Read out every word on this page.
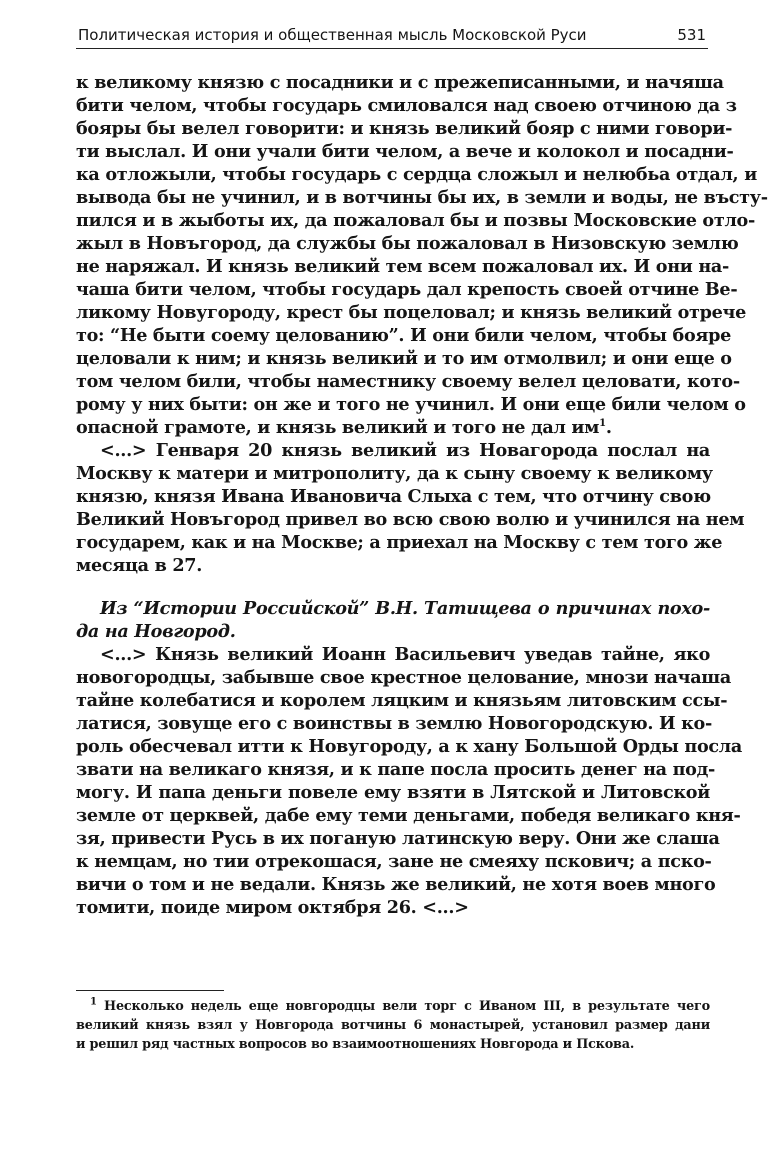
Политическая история и общественная мысль Московской Руси	531
к великому князю с посадники и с прежеписанными, и начяша
бити челом, чтобы государь смиловался над своею отчиною да з
бояры бы велел говорити: и князь великий бояр с ними говори-
ти выслал. И они учали бити челом, а вече и колокол и посадни-
ка отложыли, чтобы государь с сердца сложыл и нелюбьа отдал, и
вывода бы не учинил, и в вотчины бы их, в земли и воды, не въсту-
пился и в жыботы их, да пожаловал бы и позвы Московские отло-
жыл в Новъгород, да службы бы пожаловал в Низовскую землю
не наряжал. И князь великий тем всем пожаловал их. И они на-
чаша бити челом, чтобы государь дал крепость своей отчине Ве-
ликому Новугороду, крест бы поцеловал; и князь великий отрече
то: “Не быти соему целованию”. И они били челом, чтобы бояре
целовали к ним; и князь великий и то им отмолвил; и они еще о
том челом били, чтобы наместнику своему велел целовати, кото-
рому у них быти: он же и того не учинил. И они еще били челом о
опасной грамоте, и князь великий и того не дал $им^1$.
<...> Генваря 20 князь великий из Новагорода послал на
Москву к матери и митрополиту, да к сыну своему к великому
князю, князя Ивана Ивановича Слыха с тем, что отчину свою
Великий Новъгород привел во всю свою волю и учинился на нем
государем, как и на Москве; а приехал на Москву с тем того же
месяца в 27.
Из “Истории Российской” В.Н. Татищева о причинах похо-
да на Новгород.
<...> Князь великий Иоанн Васильевич уведав тайне, яко
новогородцы, забывше свое крестное целование, мнози начаша
тайне колебатися и королем ляцким и князьям литовским ссы-
латися, зовуще его с воинствы в землю Новогородскую. И ко-
роль обесчевал итти к Новугороду, а к хану Большой Орды посла
звати на великаго князя, и к папе посла просить денег на под-
могу. И папа деньги повеле ему взяти в Лятской и Литовской
земле от церквей, дабе ему теми деньгами, победя великаго кня-
зя, привести Русь в их поганую латинскую веру. Они же слаша
к немцам, но тии отрекошася, зане не смеяху пскович; а пско-
вичи о том и не ведали. Князь же великий, не хотя воев много
томити, поиде миром октября 26. <...>
$^1$ Несколько недель еще новгородцы вели торг с Иваном III, в результате чего
великий князь взял у Новгорода вотчины 6 монастырей, установил размер дани
и решил ряд частных вопросов во взаимоотношениях Новгорода и Пскова.
